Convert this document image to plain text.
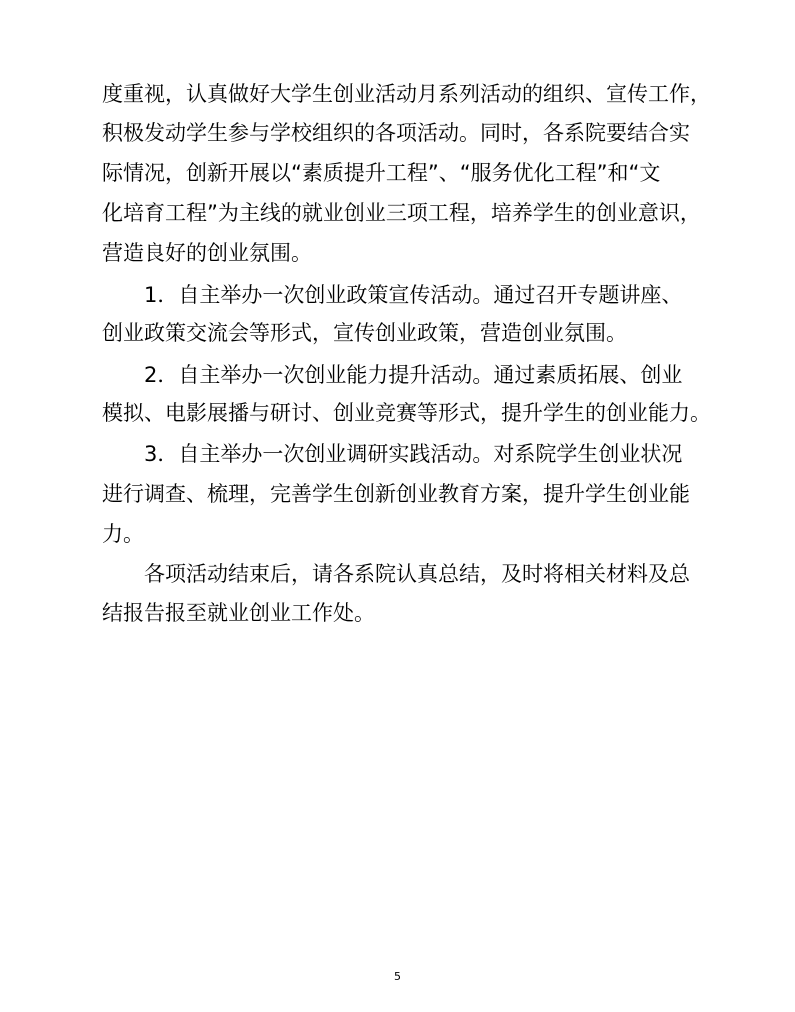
度重视，认真做好大学生创业活动月系列活动的组织、宣传工作，
积极发动学生参与学校组织的各项活动。同时，各系院要结合实
际情况，创新开展以“素质提升工程”、“服务优化工程”和“文
化培育工程”为主线的就业创业三项工程，培养学生的创业意识，
营造良好的创业氛围。
1．自主举办一次创业政策宣传活动。通过召开专题讲座、
创业政策交流会等形式，宣传创业政策，营造创业氛围。
2．自主举办一次创业能力提升活动。通过素质拓展、创业
模拟、电影展播与研讨、创业竞赛等形式，提升学生的创业能力。
3．自主举办一次创业调研实践活动。对系院学生创业状况
进行调查、梳理，完善学生创新创业教育方案，提升学生创业能
力。
各项活动结束后，请各系院认真总结，及时将相关材料及总
结报告报至就业创业工作处。
5
